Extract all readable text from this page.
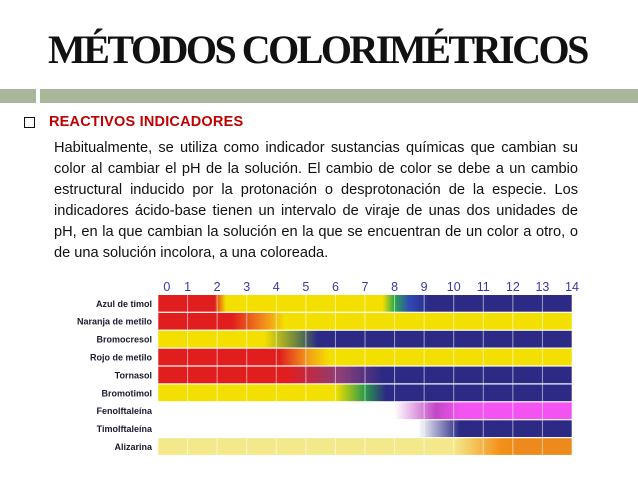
MÉTODOS COLORIMÉTRICOS
REACTIVOS INDICADORES
Habitualmente, se utiliza como indicador sustancias químicas que cambian su color al cambiar el pH de la solución. El cambio de color se debe a un cambio estructural inducido por la protonación o desprotonación de la especie. Los indicadores ácido-base tienen un intervalo de viraje de unas dos unidades de pH, en la que cambian la solución en la que se encuentran de un color a otro, o de una solución incolora, a una coloreada.
0 1 2 3 4 5 6 7 8 9 10 11 12 13 14
Azul de timol
Naranja de metilo
Bromocresol
Rojo de metilo
Tornasol
Bromotimol
Fenolftaleína
Timolftaleína
Alizarina
